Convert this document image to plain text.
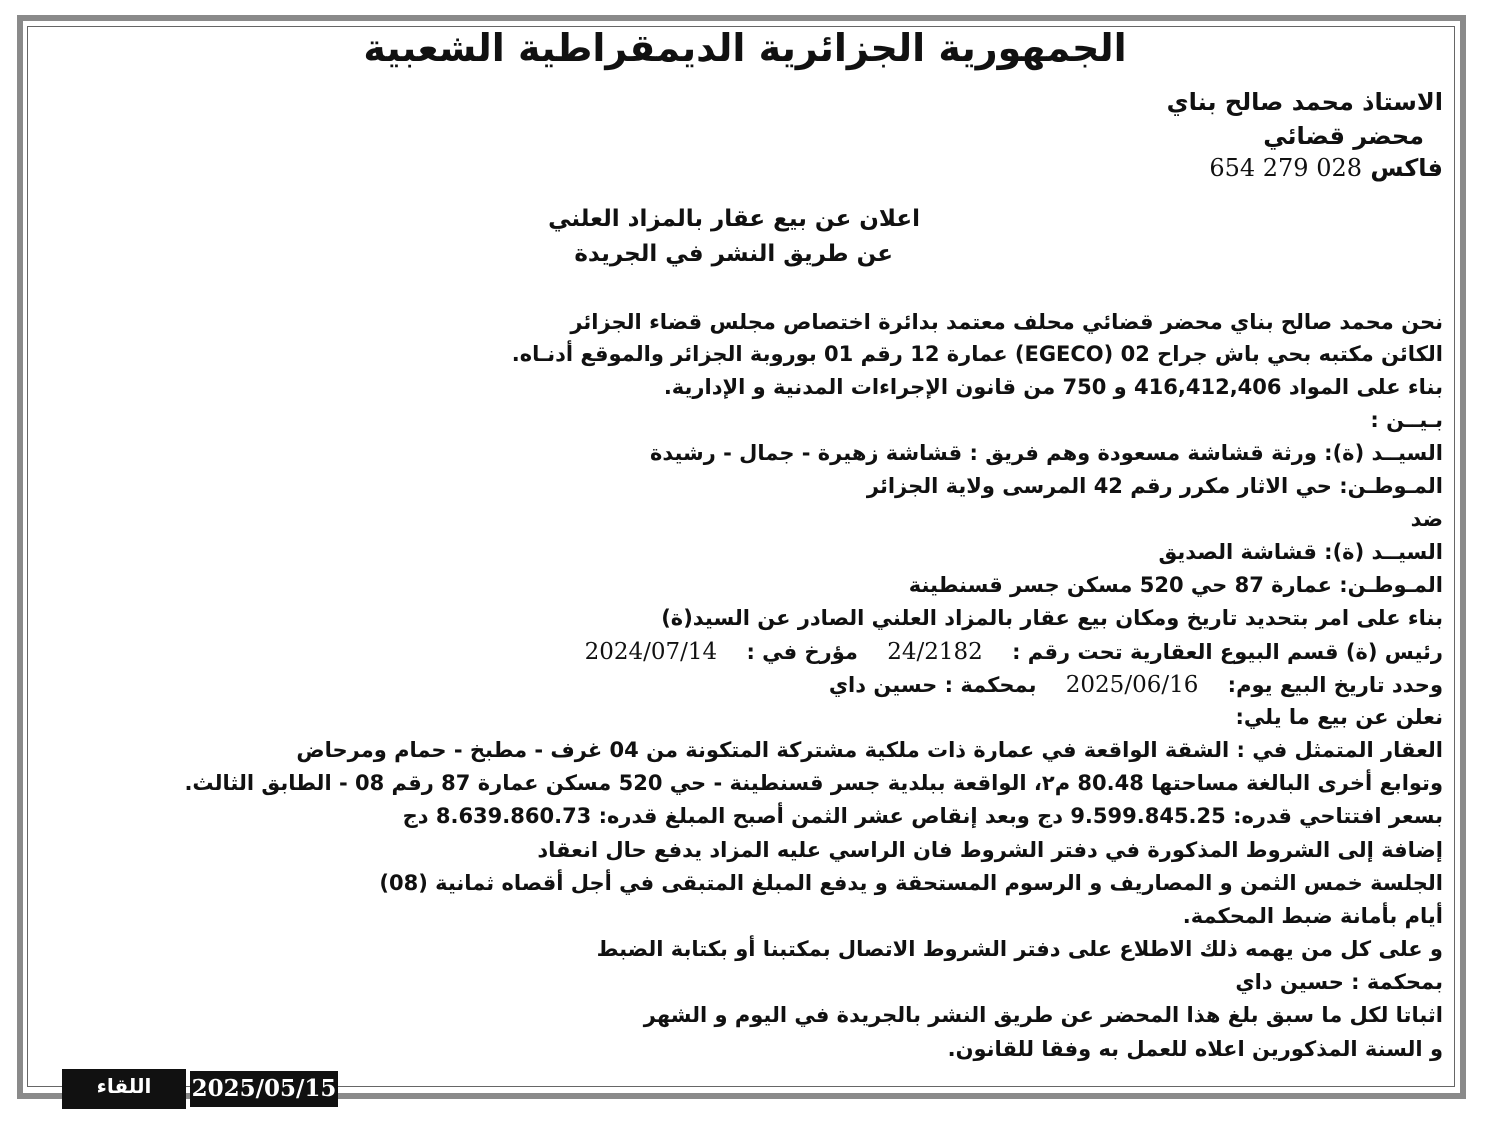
الجمهورية الجزائرية الديمقراطية الشعبية
الاستاذ محمد صالح بناي
محضر قضائي
فاكس 028 279 654
اعلان عن بيع عقار بالمزاد العلني
عن طريق النشر في الجريدة
نحن محمد صالح بناي محضر قضائي محلف معتمد بدائرة اختصاص مجلس قضاء الجزائر
الكائن مكتبه بحي باش جراح 02 (EGECO) عمارة 12 رقم 01 بوروبة الجزائر والموقع أدنـاه.
بناء على المواد 416,412,406 و 750 من قانون الإجراءات المدنية و الإدارية.
بـيــن :
السيــد (ة): ورثة قشاشة مسعودة وهم فريق : قشاشة زهيرة - جمال - رشيدة
المـوطـن: حي الاثار مكرر رقم 42 المرسى ولاية الجزائر
ضد
السيــد (ة): قشاشة الصديق
المـوطـن: عمارة 87 حي 520 مسكن جسر قسنطينة
بناء على امر بتحديد تاريخ ومكان بيع عقار بالمزاد العلني الصادر عن السيد(ة)
رئيس (ة) قسم البيوع العقارية تحت رقم : 24/2182 مؤرخ في : 2024/07/14
وحدد تاريخ البيع يوم: 2025/06/16 بمحكمة : حسين داي
نعلن عن بيع ما يلي:
العقار المتمثل في : الشقة الواقعة في عمارة ذات ملكية مشتركة المتكونة من 04 غرف - مطبخ - حمام ومرحاض
وتوابع أخرى البالغة مساحتها 80.48 م٢، الواقعة ببلدية جسر قسنطينة - حي 520 مسكن عمارة 87 رقم 08 - الطابق الثالث.
بسعر افتتاحي قدره: 9.599.845.25 دج وبعد إنقاص عشر الثمن أصبح المبلغ قدره: 8.639.860.73 دج
إضافة إلى الشروط المذكورة في دفتر الشروط فان الراسي عليه المزاد يدفع حال انعقاد
الجلسة خمس الثمن و المصاريف و الرسوم المستحقة و يدفع المبلغ المتبقى في أجل أقصاه ثمانية (08)
أيام بأمانة ضبط المحكمة.
و على كل من يهمه ذلك الاطلاع على دفتر الشروط الاتصال بمكتبنا أو بكتابة الضبط
بمحكمة : حسين داي
اثباتا لكل ما سبق بلغ هذا المحضر عن طريق النشر بالجريدة في اليوم و الشهر
و السنة المذكورين اعلاه للعمل به وفقا للقانون.
اللقاء	2025/05/15
